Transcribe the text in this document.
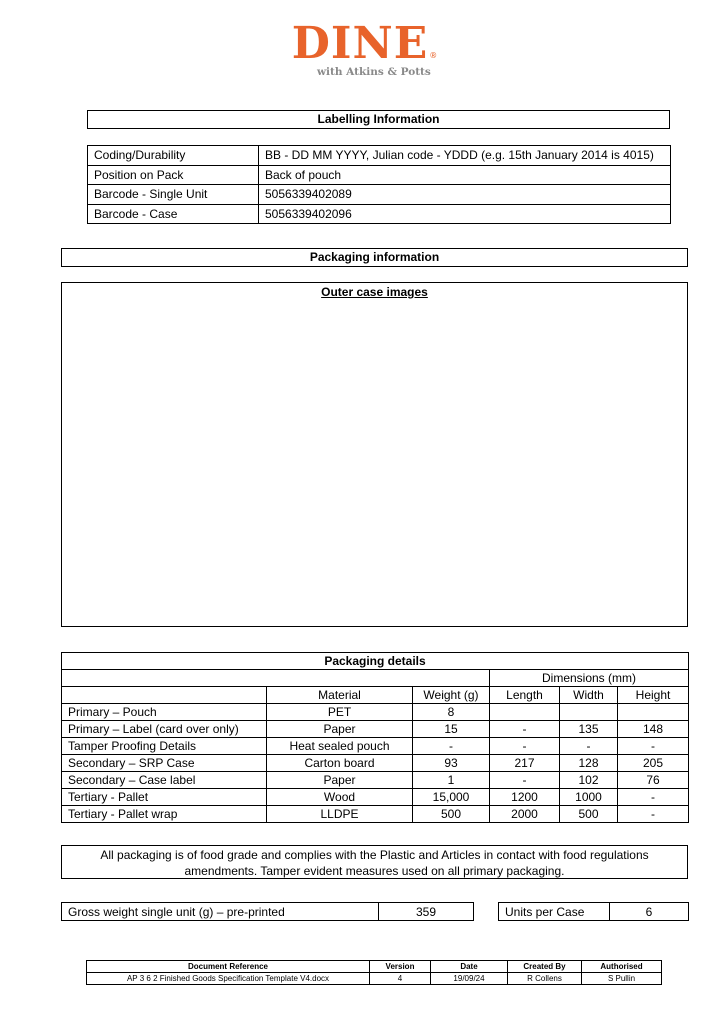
DINE ®
with Atkins & Potts
Labelling Information
Coding/Durability	BB - DD MM YYYY, Julian code - YDDD (e.g. 15th January 2014 is 4015)
Position on Pack	Back of pouch
Barcode - Single Unit	5056339402089
Barcode - Case	5056339402096
Packaging information
Outer case images
Packaging details					
			Dimensions (mm)		
	Material	Weight (g)	Length	Width	Height
Primary – Pouch	PET	8			
Primary – Label (card over only)	Paper	15	-	135	148
Tamper Proofing Details	Heat sealed pouch	-	-	-	-
Secondary – SRP Case	Carton board	93	217	128	205
Secondary – Case label	Paper	1	-	102	76
Tertiary - Pallet	Wood	15,000	1200	1000	-
Tertiary - Pallet wrap	LLDPE	500	2000	500	-
All packaging is of food grade and complies with the Plastic and Articles in contact with food regulations
amendments. Tamper evident measures used on all primary packaging.
Gross weight single unit (g) – pre-printed	359	Units per Case	6
Document Reference	Version	Date	Created By	Authorised
AP 3 6 2 Finished Goods Specification Template V4.docx	4	19/09/24	R Collens	S Pullin
